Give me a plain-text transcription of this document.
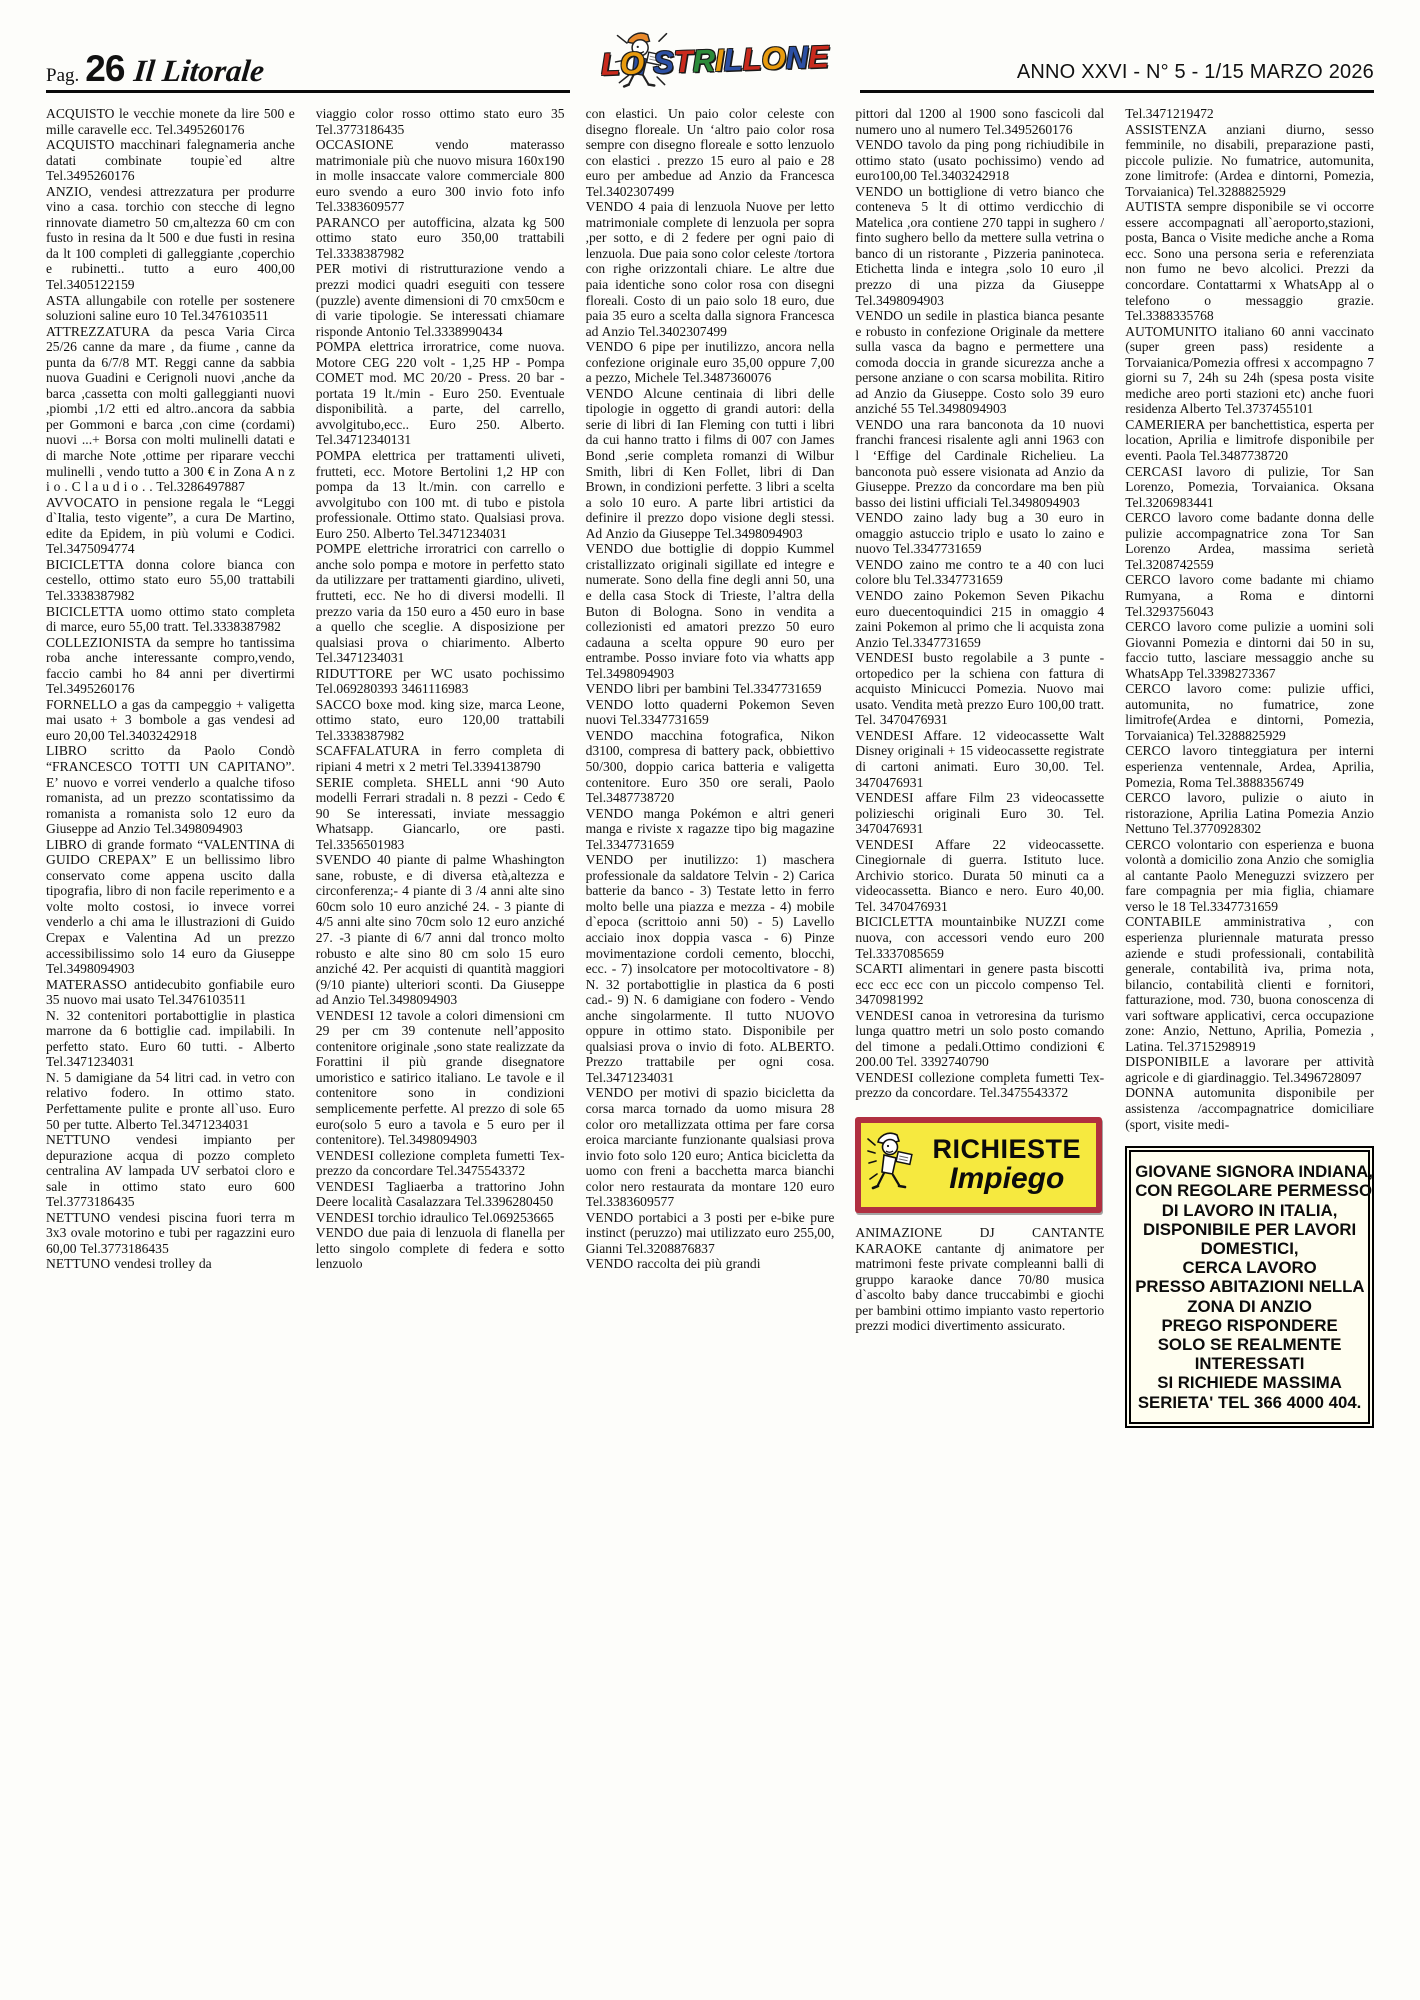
Pag. 26 Il Litorale	ANNO XXVI - N° 5 - 1/15 MARZO 2026
LO STRILLONE

ACQUISTO le vecchie monete da lire 500 e mille caravelle ecc. Tel.3495260176

ACQUISTO macchinari falegnameria anche datati combinate toupie`ed altre Tel.3495260176

ANZIO, vendesi attrezzatura per produrre vino a casa. torchio con stecche di legno rinnovate diametro 50 cm,altezza 60 cm con fusto in resina da lt 500 e due fusti in resina da lt 100 completi di galleggiante ,coperchio e rubinetti.. tutto a euro 400,00 Tel.3405122159

ASTA allungabile con rotelle per sostenere soluzioni saline euro 10 Tel.3476103511

ATTREZZATURA da pesca Varia Circa 25/26 canne da mare , da fiume , canne da punta da 6/7/8 MT. Reggi canne da sabbia nuova Guadini e Cerignoli nuovi ,anche da barca ,cassetta con molti galleggianti nuovi ,piombi ,1/2 etti ed altro..ancora da sabbia per Gommoni e barca ,con cime (cordami) nuovi ...+ Borsa con molti mulinelli datati e di marche Note ,ottime per riparare vecchi mulinelli , vendo tutto a 300 € in Zona A n z i o . C l a u d i o . . Tel.3286497887

AVVOCATO in pensione regala le “Leggi d`Italia, testo vigente”, a cura De Martino, edite da Epidem, in più volumi e Codici. Tel.3475094774

BICICLETTA donna colore bianca con cestello, ottimo stato euro 55,00 trattabili Tel.3338387982

BICICLETTA uomo ottimo stato completa di marce, euro 55,00 tratt. Tel.3338387982

COLLEZIONISTA da sempre ho tantissima roba anche interessante compro,vendo, faccio cambi ho 84 anni per divertirmi Tel.3495260176

FORNELLO a gas da campeggio + valigetta mai usato + 3 bombole a gas vendesi ad euro 20,00 Tel.3403242918

LIBRO scritto da Paolo Condò “FRANCESCO TOTTI UN CAPITANO”. E’ nuovo e vorrei venderlo a qualche tifoso romanista, ad un prezzo scontatissimo da romanista a romanista solo 12 euro da Giuseppe ad Anzio Tel.3498094903

LIBRO di grande formato “VALENTINA di GUIDO CREPAX” E un bellissimo libro conservato come appena uscito dalla tipografia, libro di non facile reperimento e a volte molto costosi, io invece vorrei venderlo a chi ama le illustrazioni di Guido Crepax e Valentina Ad un prezzo accessibilissimo solo 14 euro da Giuseppe Tel.3498094903

MATERASSO antidecubito gonfiabile euro 35 nuovo mai usato Tel.3476103511

N. 32 contenitori portabottiglie in plastica marrone da 6 bottiglie cad. impilabili. In perfetto stato. Euro 60 tutti. - Alberto Tel.3471234031

N. 5 damigiane da 54 litri cad. in vetro con relativo fodero. In ottimo stato. Perfettamente pulite e pronte all`uso. Euro 50 per tutte. Alberto Tel.3471234031

NETTUNO vendesi impianto per depurazione acqua di pozzo completo centralina AV lampada UV serbatoi cloro e sale in ottimo stato euro 600 Tel.3773186435

NETTUNO vendesi piscina fuori terra m 3x3 ovale motorino e tubi per ragazzini euro 60,00 Tel.3773186435

NETTUNO vendesi trolley da

viaggio color rosso ottimo stato euro 35 Tel.3773186435

OCCASIONE vendo materasso matrimoniale più che nuovo misura 160x190 in molle insaccate valore commerciale 800 euro svendo a euro 300 invio foto info Tel.3383609577

PARANCO per autofficina, alzata kg 500 ottimo stato euro 350,00 trattabili Tel.3338387982

PER motivi di ristrutturazione vendo a prezzi modici quadri eseguiti con tessere (puzzle) avente dimensioni di 70 cmx50cm e di varie tipologie. Se interessati chiamare risponde Antonio Tel.3338990434

POMPA elettrica irroratrice, come nuova. Motore CEG 220 volt - 1,25 HP - Pompa COMET mod. MC 20/20 - Press. 20 bar - portata 19 lt./min - Euro 250. Eventuale disponibilità. a parte, del carrello, avvolgitubo,ecc.. Euro 250. Alberto. Tel.34712340131

POMPA elettrica per trattamenti uliveti, frutteti, ecc. Motore Bertolini 1,2 HP con pompa da 13 lt./min. con carrello e avvolgitubo con 100 mt. di tubo e pistola professionale. Ottimo stato. Qualsiasi prova. Euro 250. Alberto Tel.3471234031

POMPE elettriche irroratrici con carrello o anche solo pompa e motore in perfetto stato da utilizzare per trattamenti giardino, uliveti, frutteti, ecc. Ne ho di diversi modelli. Il prezzo varia da 150 euro a 450 euro in base a quello che sceglie. A disposizione per qualsiasi prova o chiarimento. Alberto Tel.3471234031

RIDUTTORE per WC usato pochissimo Tel.069280393 3461116983

SACCO boxe mod. king size, marca Leone, ottimo stato, euro 120,00 trattabili Tel.3338387982

SCAFFALATURA in ferro completa di ripiani 4 metri x 2 metri Tel.3394138790

SERIE completa. SHELL anni ‘90 Auto modelli Ferrari stradali n. 8 pezzi - Cedo € 90 Se interessati, inviate messaggio Whatsapp. Giancarlo, ore pasti. Tel.3356501983

SVENDO 40 piante di palme Whashington sane, robuste, e di diversa età,altezza e circonferenza;- 4 piante di 3 /4 anni alte sino 60cm solo 10 euro anziché 24. - 3 piante di 4/5 anni alte sino 70cm solo 12 euro anziché 27. -3 piante di 6/7 anni dal tronco molto robusto e alte sino 80 cm solo 15 euro anziché 42. Per acquisti di quantità maggiori (9/10 piante) ulteriori sconti. Da Giuseppe ad Anzio Tel.3498094903

VENDESI 12 tavole a colori dimensioni cm 29 per cm 39 contenute nell’apposito contenitore originale ,sono state realizzate da Forattini il più grande disegnatore umoristico e satirico italiano. Le tavole e il contenitore sono in condizioni semplicemente perfette. Al prezzo di sole 65 euro(solo 5 euro a tavola e 5 euro per il contenitore). Tel.3498094903

VENDESI collezione completa fumetti Tex- prezzo da concordare Tel.3475543372

VENDESI Tagliaerba a trattorino John Deere località Casalazzara Tel.3396280450

VENDESI torchio idraulico Tel.069253665

VENDO due paia di lenzuola di flanella per letto singolo complete di federa e sotto lenzuolo

con elastici. Un paio color celeste con disegno floreale. Un ‘altro paio color rosa sempre con disegno floreale e sotto lenzuolo con elastici . prezzo 15 euro al paio e 28 euro per ambedue ad Anzio da Francesca Tel.3402307499

VENDO 4 paia di lenzuola Nuove per letto matrimoniale complete di lenzuola per sopra ,per sotto, e di 2 federe per ogni paio di lenzuola. Due paia sono color celeste /tortora con righe orizzontali chiare. Le altre due paia identiche sono color rosa con disegni floreali. Costo di un paio solo 18 euro, due paia 35 euro a scelta dalla signora Francesca ad Anzio Tel.3402307499

VENDO 6 pipe per inutilizzo, ancora nella confezione originale euro 35,00 oppure 7,00 a pezzo, Michele Tel.3487360076

VENDO Alcune centinaia di libri delle tipologie in oggetto di grandi autori: della serie di libri di Ian Fleming con tutti i libri da cui hanno tratto i films di 007 con James Bond ,serie completa romanzi di Wilbur Smith, libri di Ken Follet, libri di Dan Brown, in condizioni perfette. 3 libri a scelta a solo 10 euro. A parte libri artistici da definire il prezzo dopo visione degli stessi. Ad Anzio da Giuseppe Tel.3498094903

VENDO due bottiglie di doppio Kummel cristallizzato originali sigillate ed integre e numerate. Sono della fine degli anni 50, una e della casa Stock di Trieste, l’altra della Buton di Bologna. Sono in vendita a collezionisti ed amatori prezzo 50 euro cadauna a scelta oppure 90 euro per entrambe. Posso inviare foto via whatts app Tel.3498094903

VENDO libri per bambini Tel.3347731659

VENDO lotto quaderni Pokemon Seven nuovi Tel.3347731659

VENDO macchina fotografica, Nikon d3100, compresa di battery pack, obbiettivo 50/300, doppio carica batteria e valigetta contenitore. Euro 350 ore serali, Paolo Tel.3487738720

VENDO manga Pokémon e altri generi manga e riviste x ragazze tipo big magazine Tel.3347731659

VENDO per inutilizzo: 1) maschera professionale da saldatore Telvin - 2) Carica batterie da banco - 3) Testate letto in ferro molto belle una piazza e mezza - 4) mobile d`epoca (scrittoio anni 50) - 5) Lavello acciaio inox doppia vasca - 6) Pinze movimentazione cordoli cemento, blocchi, ecc. - 7) insolcatore per motocoltivatore - 8) N. 32 portabottiglie in plastica da 6 posti cad.- 9) N. 6 damigiane con fodero - Vendo anche singolarmente. Il tutto NUOVO oppure in ottimo stato. Disponibile per qualsiasi prova o invio di foto. ALBERTO. Prezzo trattabile per ogni cosa. Tel.3471234031

VENDO per motivi di spazio bicicletta da corsa marca tornado da uomo misura 28 color oro metallizzata ottima per fare corsa eroica marciante funzionante qualsiasi prova invio foto solo 120 euro; Antica bicicletta da uomo con freni a bacchetta marca bianchi color nero restaurata da montare 120 euro Tel.3383609577

VENDO portabici a 3 posti per e-bike pure instinct (peruzzo) mai utilizzato euro 255,00, Gianni Tel.3208876837

VENDO raccolta dei più grandi

pittori dal 1200 al 1900 sono fascicoli dal numero uno al numero Tel.3495260176

VENDO tavolo da ping pong richiudibile in ottimo stato (usato pochissimo) vendo ad euro100,00 Tel.3403242918

VENDO un bottiglione di vetro bianco che conteneva 5 lt di ottimo verdicchio di Matelica ,ora contiene 270 tappi in sughero / finto sughero bello da mettere sulla vetrina o banco di un ristorante , Pizzeria paninoteca. Etichetta linda e integra ,solo 10 euro ,il prezzo di una pizza da Giuseppe Tel.3498094903

VENDO un sedile in plastica bianca pesante e robusto in confezione Originale da mettere sulla vasca da bagno e permettere una comoda doccia in grande sicurezza anche a persone anziane o con scarsa mobilita. Ritiro ad Anzio da Giuseppe. Costo solo 39 euro anziché 55 Tel.3498094903

VENDO una rara banconota da 10 nuovi franchi francesi risalente agli anni 1963 con l ‘Effige del Cardinale Richelieu. La banconota può essere visionata ad Anzio da Giuseppe. Prezzo da concordare ma ben più basso dei listini ufficiali Tel.3498094903

VENDO zaino lady bug a 30 euro in omaggio astuccio triplo e usato lo zaino e nuovo Tel.3347731659

VENDO zaino me contro te a 40 con luci colore blu Tel.3347731659

VENDO zaino Pokemon Seven Pikachu euro duecentoquindici 215 in omaggio 4 zaini Pokemon al primo che li acquista zona Anzio Tel.3347731659

VENDESI busto regolabile a 3 punte - ortopedico per la schiena con fattura di acquisto Minicucci Pomezia. Nuovo mai usato. Vendita metà prezzo Euro 100,00 tratt. Tel. 3470476931

VENDESI Affare. 12 videocassette Walt Disney originali + 15 videocassette registrate di cartoni animati. Euro 30,00. Tel. 3470476931

VENDESI affare Film 23 videocassette polizieschi originali Euro 30. Tel. 3470476931

VENDESI Affare 22 videocassette. Cinegiornale di guerra. Istituto luce. Archivio storico. Durata 50 minuti ca a videocassetta. Bianco e nero. Euro 40,00. Tel. 3470476931

BICICLETTA mountainbike NUZZI come nuova, con accessori vendo euro 200 Tel.3337085659

SCARTI alimentari in genere pasta biscotti ecc ecc ecc con un piccolo compenso Tel. 3470981992

VENDESI canoa in vetroresina da turismo lunga quattro metri un solo posto comando del timone a pedali.Ottimo condizioni € 200.00 Tel. 3392740790

VENDESI collezione completa fumetti Tex- prezzo da concordare. Tel.3475543372

RICHIESTE
Impiego

ANIMAZIONE DJ CANTANTE KARAOKE cantante dj animatore per matrimoni feste private compleanni balli di gruppo karaoke dance 70/80 musica d`ascolto baby dance truccabimbi e giochi per bambini ottimo impianto vasto repertorio prezzi modici divertimento assicurato.

Tel.3471219472

ASSISTENZA anziani diurno, sesso femminile, no disabili, preparazione pasti, piccole pulizie. No fumatrice, automunita, zone limitrofe: (Ardea e dintorni, Pomezia, Torvaianica) Tel.3288825929

AUTISTA sempre disponibile se vi occorre essere accompagnati all`aeroporto,stazioni, posta, Banca o Visite mediche anche a Roma ecc. Sono una persona seria e referenziata non fumo ne bevo alcolici. Prezzi da concordare. Contattarmi x WhatsApp al o telefono o messaggio grazie. Tel.3388335768

AUTOMUNITO italiano 60 anni vaccinato (super green pass) residente a Torvaianica/Pomezia offresi x accompagno 7 giorni su 7, 24h su 24h (spesa posta visite mediche areo porti stazioni etc) anche fuori residenza Alberto Tel.3737455101

CAMERIERA per banchettistica, esperta per location, Aprilia e limitrofe disponibile per eventi. Paola Tel.3487738720

CERCASI lavoro di pulizie, Tor San Lorenzo, Pomezia, Torvaianica. Oksana Tel.3206983441

CERCO lavoro come badante donna delle pulizie accompagnatrice zona Tor San Lorenzo Ardea, massima serietà Tel.3208742559

CERCO lavoro come badante mi chiamo Rumyana, a Roma e dintorni Tel.3293756043

CERCO lavoro come pulizie a uomini soli Giovanni Pomezia e dintorni dai 50 in su, faccio tutto, lasciare messaggio anche su WhatsApp Tel.3398273367

CERCO lavoro come: pulizie uffici, automunita, no fumatrice, zone limitrofe(Ardea e dintorni, Pomezia, Torvaianica) Tel.3288825929

CERCO lavoro tinteggiatura per interni esperienza ventennale, Ardea, Aprilia, Pomezia, Roma Tel.3888356749

CERCO lavoro, pulizie o aiuto in ristorazione, Aprilia Latina Pomezia Anzio Nettuno Tel.3770928302

CERCO volontario con esperienza e buona volontà a domicilio zona Anzio che somiglia al cantante Paolo Meneguzzi svizzero per fare compagnia per mia figlia, chiamare verso le 18 Tel.3347731659

CONTABILE amministrativa , con esperienza pluriennale maturata presso aziende e studi professionali, contabilità generale, contabilità iva, prima nota, bilancio, contabilità clienti e fornitori, fatturazione, mod. 730, buona conoscenza di vari software applicativi, cerca occupazione zone: Anzio, Nettuno, Aprilia, Pomezia , Latina. Tel.3715298919

DISPONIBILE a lavorare per attività agricole e di giardinaggio. Tel.3496728097

DONNA automunita disponibile per assistenza /accompagnatrice domiciliare (sport, visite medi-

GIOVANE SIGNORA INDIANA,
CON REGOLARE PERMESSO
DI LAVORO IN ITALIA,
DISPONIBILE PER LAVORI
DOMESTICI,
CERCA LAVORO
PRESSO ABITAZIONI NELLA
ZONA DI ANZIO
PREGO RISPONDERE
SOLO SE REALMENTE
INTERESSATI
SI RICHIEDE MASSIMA
SERIETA' TEL 366 4000 404.
